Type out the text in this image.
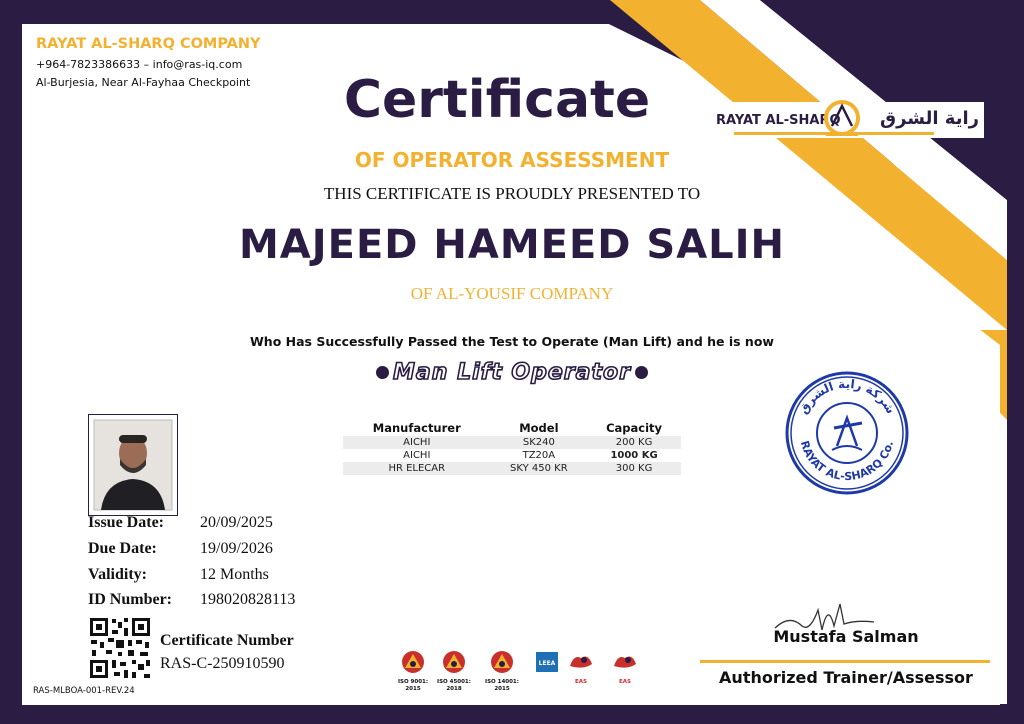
RAYAT AL-SHARQ COMPANY
+964-7823386633 – info@ras-iq.com
Al-Burjesia, Near Al-Fayhaa Checkpoint
RAYAT AL-SHARQ راية الشرق
Certificate
OF OPERATOR ASSESSMENT
THIS CERTIFICATE IS PROUDLY PRESENTED TO
MAJEED HAMEED SALIH
OF AL-YOUSIF COMPANY
Who Has Successfully Passed the Test to Operate (Man Lift) and he is now
Man Lift Operator
Manufacturer	Model	Capacity
AICHI	SK240	200 KG
AICHI	TZ20A	1000 KG
HR ELECAR	SKY 450 KR	300 KG
Issue Date: 20/09/2025
Due Date:	19/09/2026
Validity:	12 Months
ID Number: 198020828113
Certificate Number
RAS-C-250910590
RAS-MLBOA-001-REV.24
ISO 9001: 2015
ISO 45001: 2018
ISO 14001: 2015
LEEA
EAS	EAS
شركة راية الشرق
RAYAT AL-SHARQ Co.
Mustafa Salman
Authorized Trainer/Assessor
